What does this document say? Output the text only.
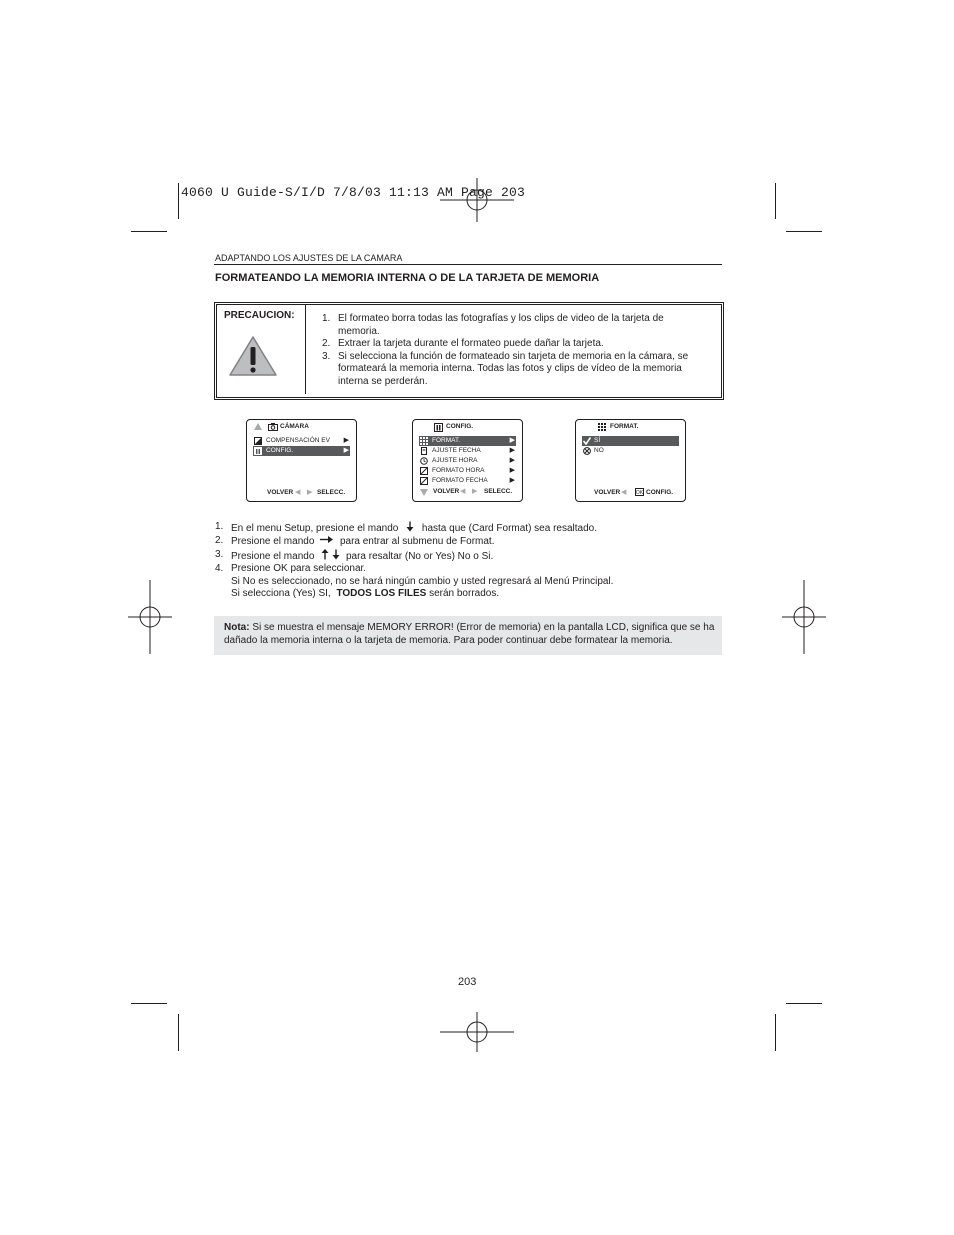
4060 U Guide-S/I/D 7/8/03 11:13 AM Page 203
ADAPTANDO LOS AJUSTES DE LA CAMARA
FORMATEANDO LA MEMORIA INTERNA O DE LA TARJETA DE MEMORIA
PRECAUCION:	1. El formateo borra todas las fotografías y los clips de video de la tarjeta de memoria.
2. Extraer la tarjeta durante el formateo puede dañar la tarjeta.
3. Si selecciona la función de formateado sin tarjeta de memoria en la cámara, se formateará la memoria interna. Todas las fotos y clips de vídeo de la memoria interna se perderán.
CÁMARA
COMPENSACIÓN EV ▶
CONFIG.	▶
VOLVER ◀ ▶ SELECC.
CONFIG.
FORMAT.	▶
AJUSTE FECHA	▶
AJUSTE HORA	▶
FORMATO HORA	▶
FORMATO FECHA	▶
VOLVER ◀ ▶ SELECC.
FORMAT.
SÍ
NO
VOLVER ◀ OK CONFIG.
1. En el menu Setup, presione el mando hasta que (Card Format) sea resaltado.
2. Presione el mando	para entrar al submenu de Format.
3. Presione el mando	para resaltar (No or Yes) No o Si.
4. Presione OK para seleccionar.
Si No es seleccionado, no se hará ningún cambio y usted regresará al Menú Principal.
Si selecciona (Yes) SI, TODOS LOS FILES serán borrados.
Nota: Si se muestra el mensaje MEMORY ERROR! (Error de memoria) en la pantalla LCD, significa que se ha dañado la memoria interna o la tarjeta de memoria. Para poder continuar debe formatear la memoria.
203
